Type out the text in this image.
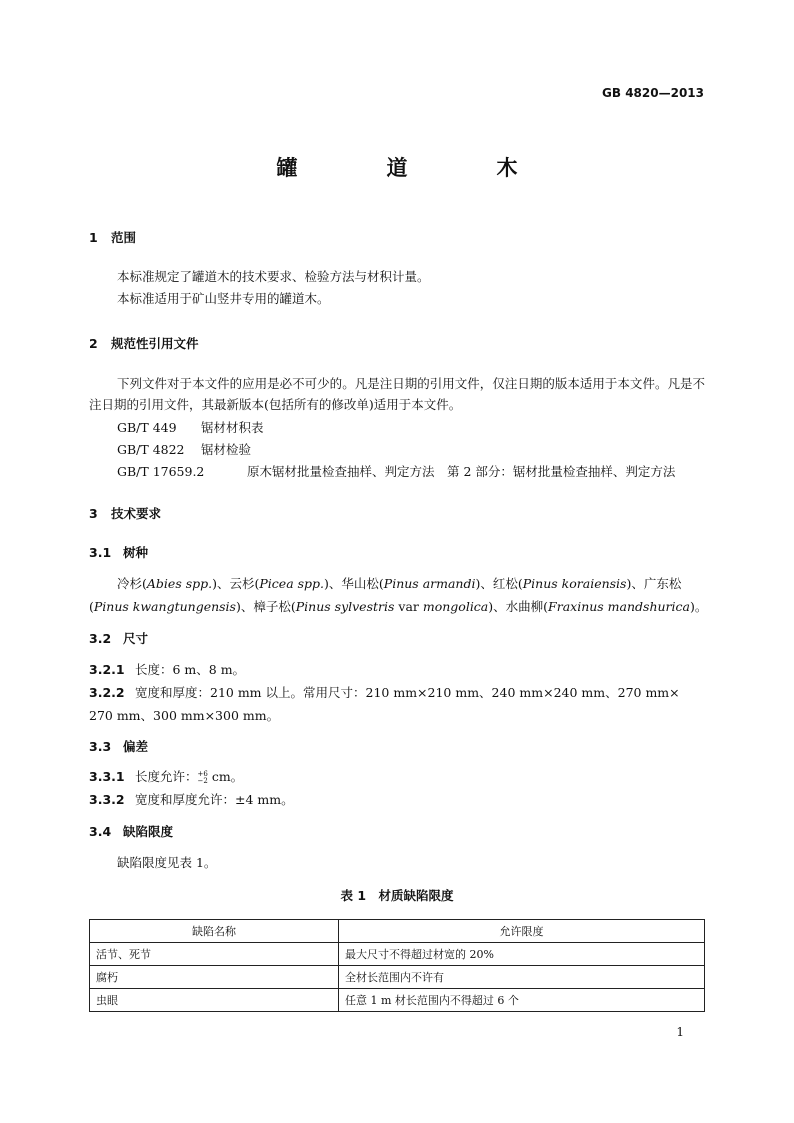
GB 4820—2013
罐　道　木
1 范围
本标准规定了罐道木的技术要求、检验方法与材积计量。
本标准适用于矿山竖井专用的罐道木。
2 规范性引用文件
下列文件对于本文件的应用是必不可少的。凡是注日期的引用文件，仅注日期的版本适用于本文件。凡是不注日期的引用文件，其最新版本(包括所有的修改单)适用于本文件。
GB/T 449 锯材材积表
GB/T 4822 锯材检验
GB/T 17659.2	原木锯材批量检查抽样、判定方法　第 2 部分：锯材批量检查抽样、判定方法
3 技术要求
3.1 树种
冷杉(Abies spp.)、云杉(Picea spp.)、华山松(Pinus armandi)、红松(Pinus koraiensis)、广东松
(Pinus kwangtungensis)、樟子松(Pinus sylvestris var mongolica)、水曲柳(Fraxinus mandshurica)。
3.2 尺寸
3.2.1 长度：6 m、8 m。
3.2.2 宽度和厚度：210 mm 以上。常用尺寸：210 mm×210 mm、240 mm×240 mm、270 mm×
270 mm、300 mm×300 mm。
3.3 偏差
3.3.1 长度允许： +6
−2 cm。
3.3.2 宽度和厚度允许：±4 mm。
3.4 缺陷限度
缺陷限度见表 1。
表 1　材质缺陷限度
缺陷名称	允许限度
活节、死节	最大尺寸不得超过材宽的 20%
腐朽	全材长范围内不许有
虫眼	任意 1 m 材长范围内不得超过 6 个
1
